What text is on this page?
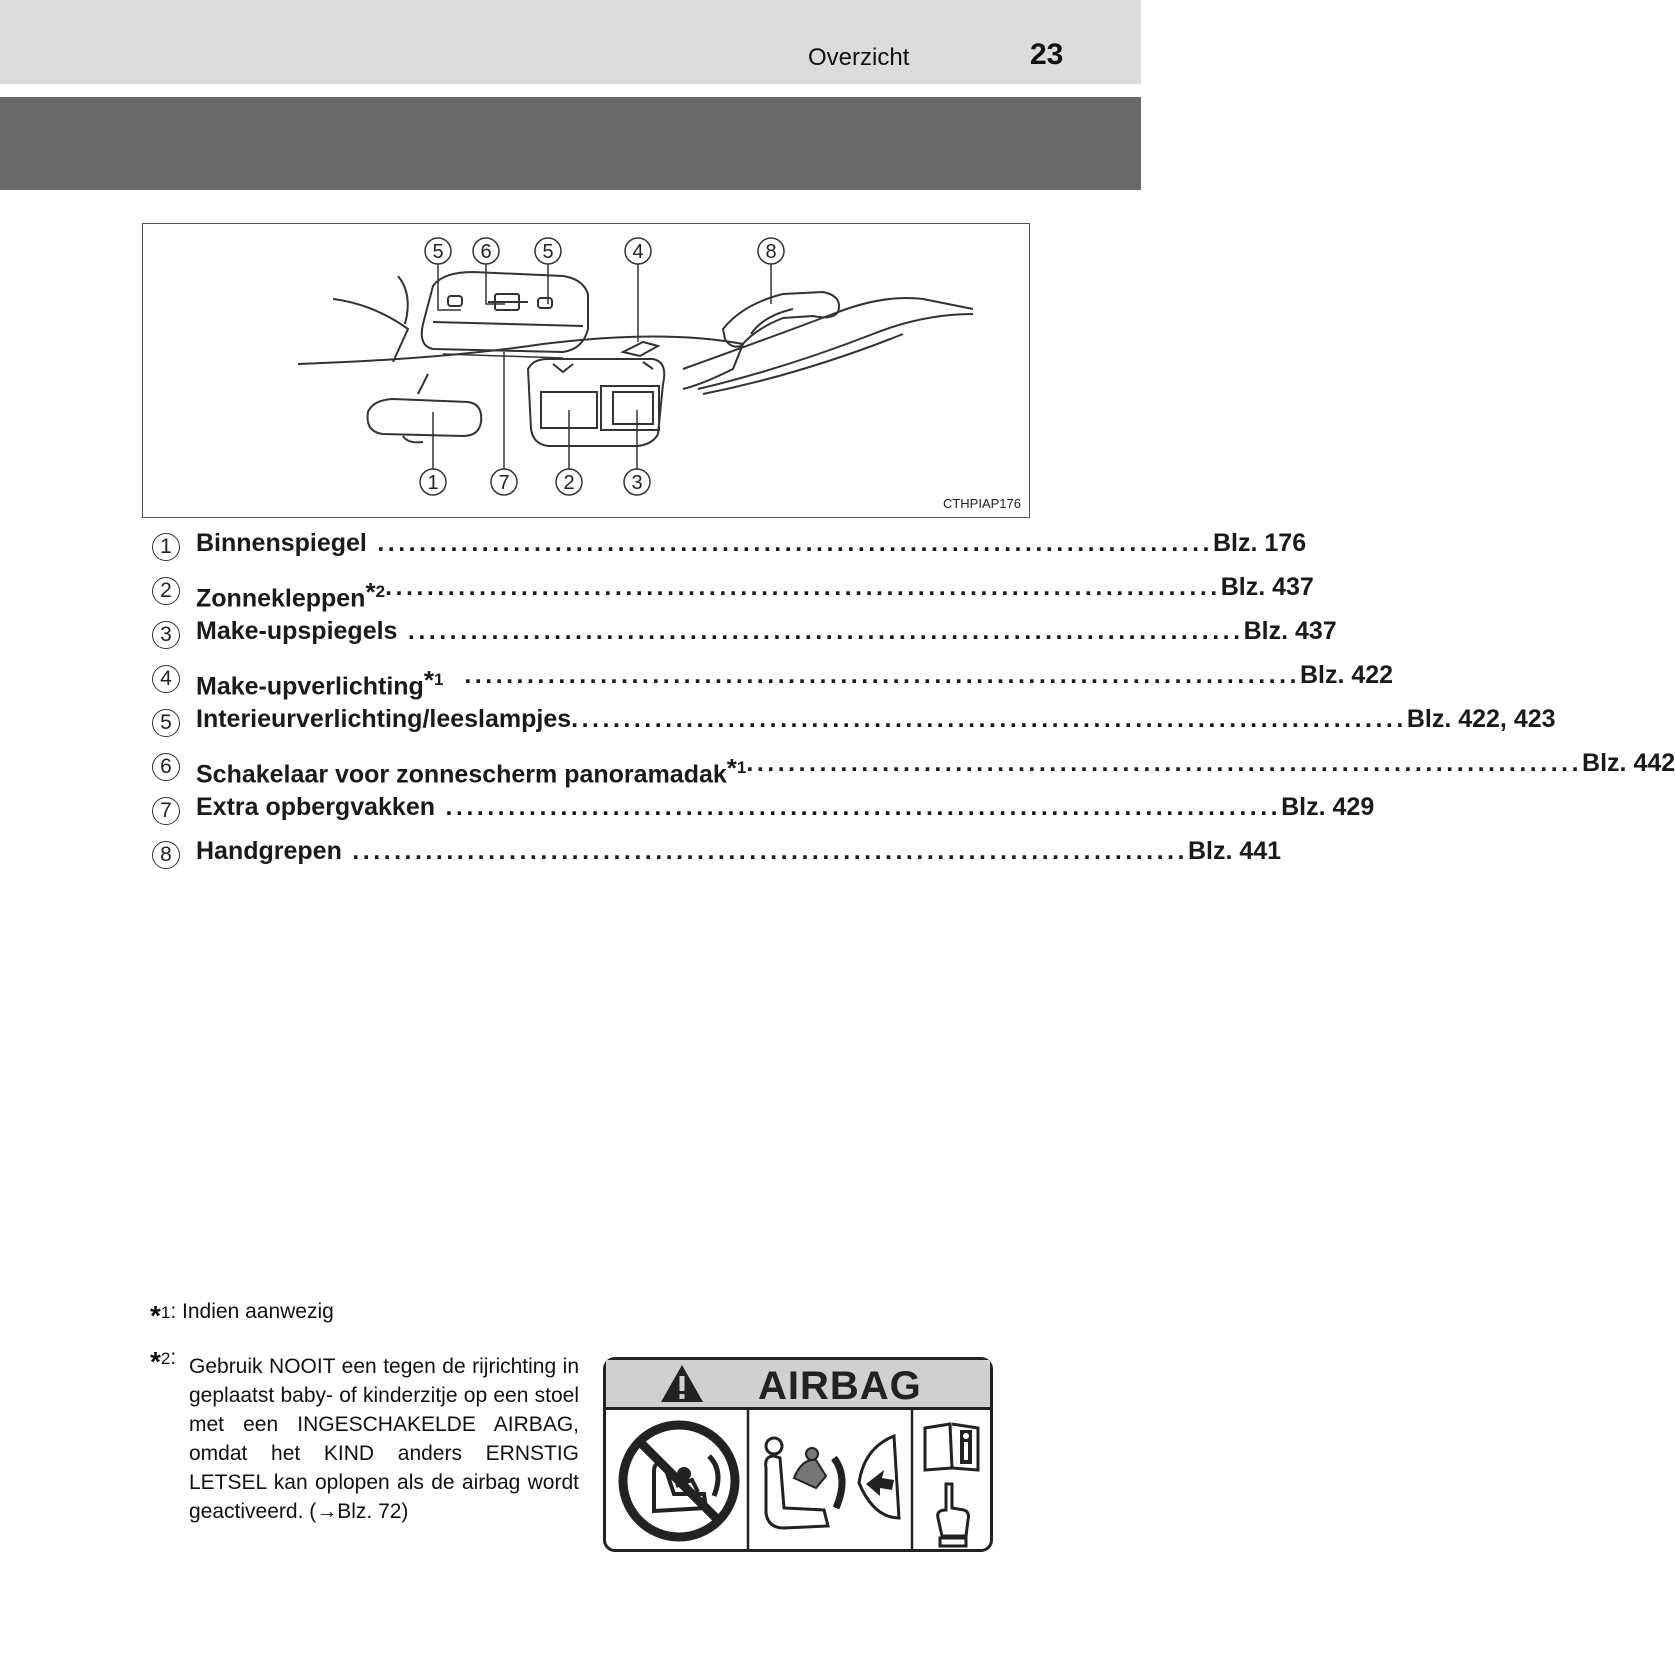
Overzicht	23
5 6	5	4	8
1	7	2	3
CTHPIAP176
1 Binnenspiegel ................................................................................ Blz. 176
2 Zonnekleppen$^{*2}$ ................................................................................ Blz. 437
3 Make-upspiegels ................................................................................ Blz. 437
4 Make-upverlichting$^{*1}$ ................................................................................ Blz. 422
5 Interieurverlichting/leeslampjes ................................................................................ Blz. 422, 423
6 Schakelaar voor zonnescherm panoramadak$^{*1}$ ................................................................................ Blz. 442
7 Extra opbergvakken ................................................................................ Blz. 429
8 Handgrepen ................................................................................ Blz. 441
*1: Indien aanwezig
*2: Gebruik NOOIT een tegen de rijrichting in geplaatst baby- of kinderzitje op een stoel met een INGESCHAKELDE AIRBAG, omdat het KIND anders ERNSTIG LETSEL kan oplopen als de airbag wordt geactiveerd. (→Blz. 72)
AIRBAG
